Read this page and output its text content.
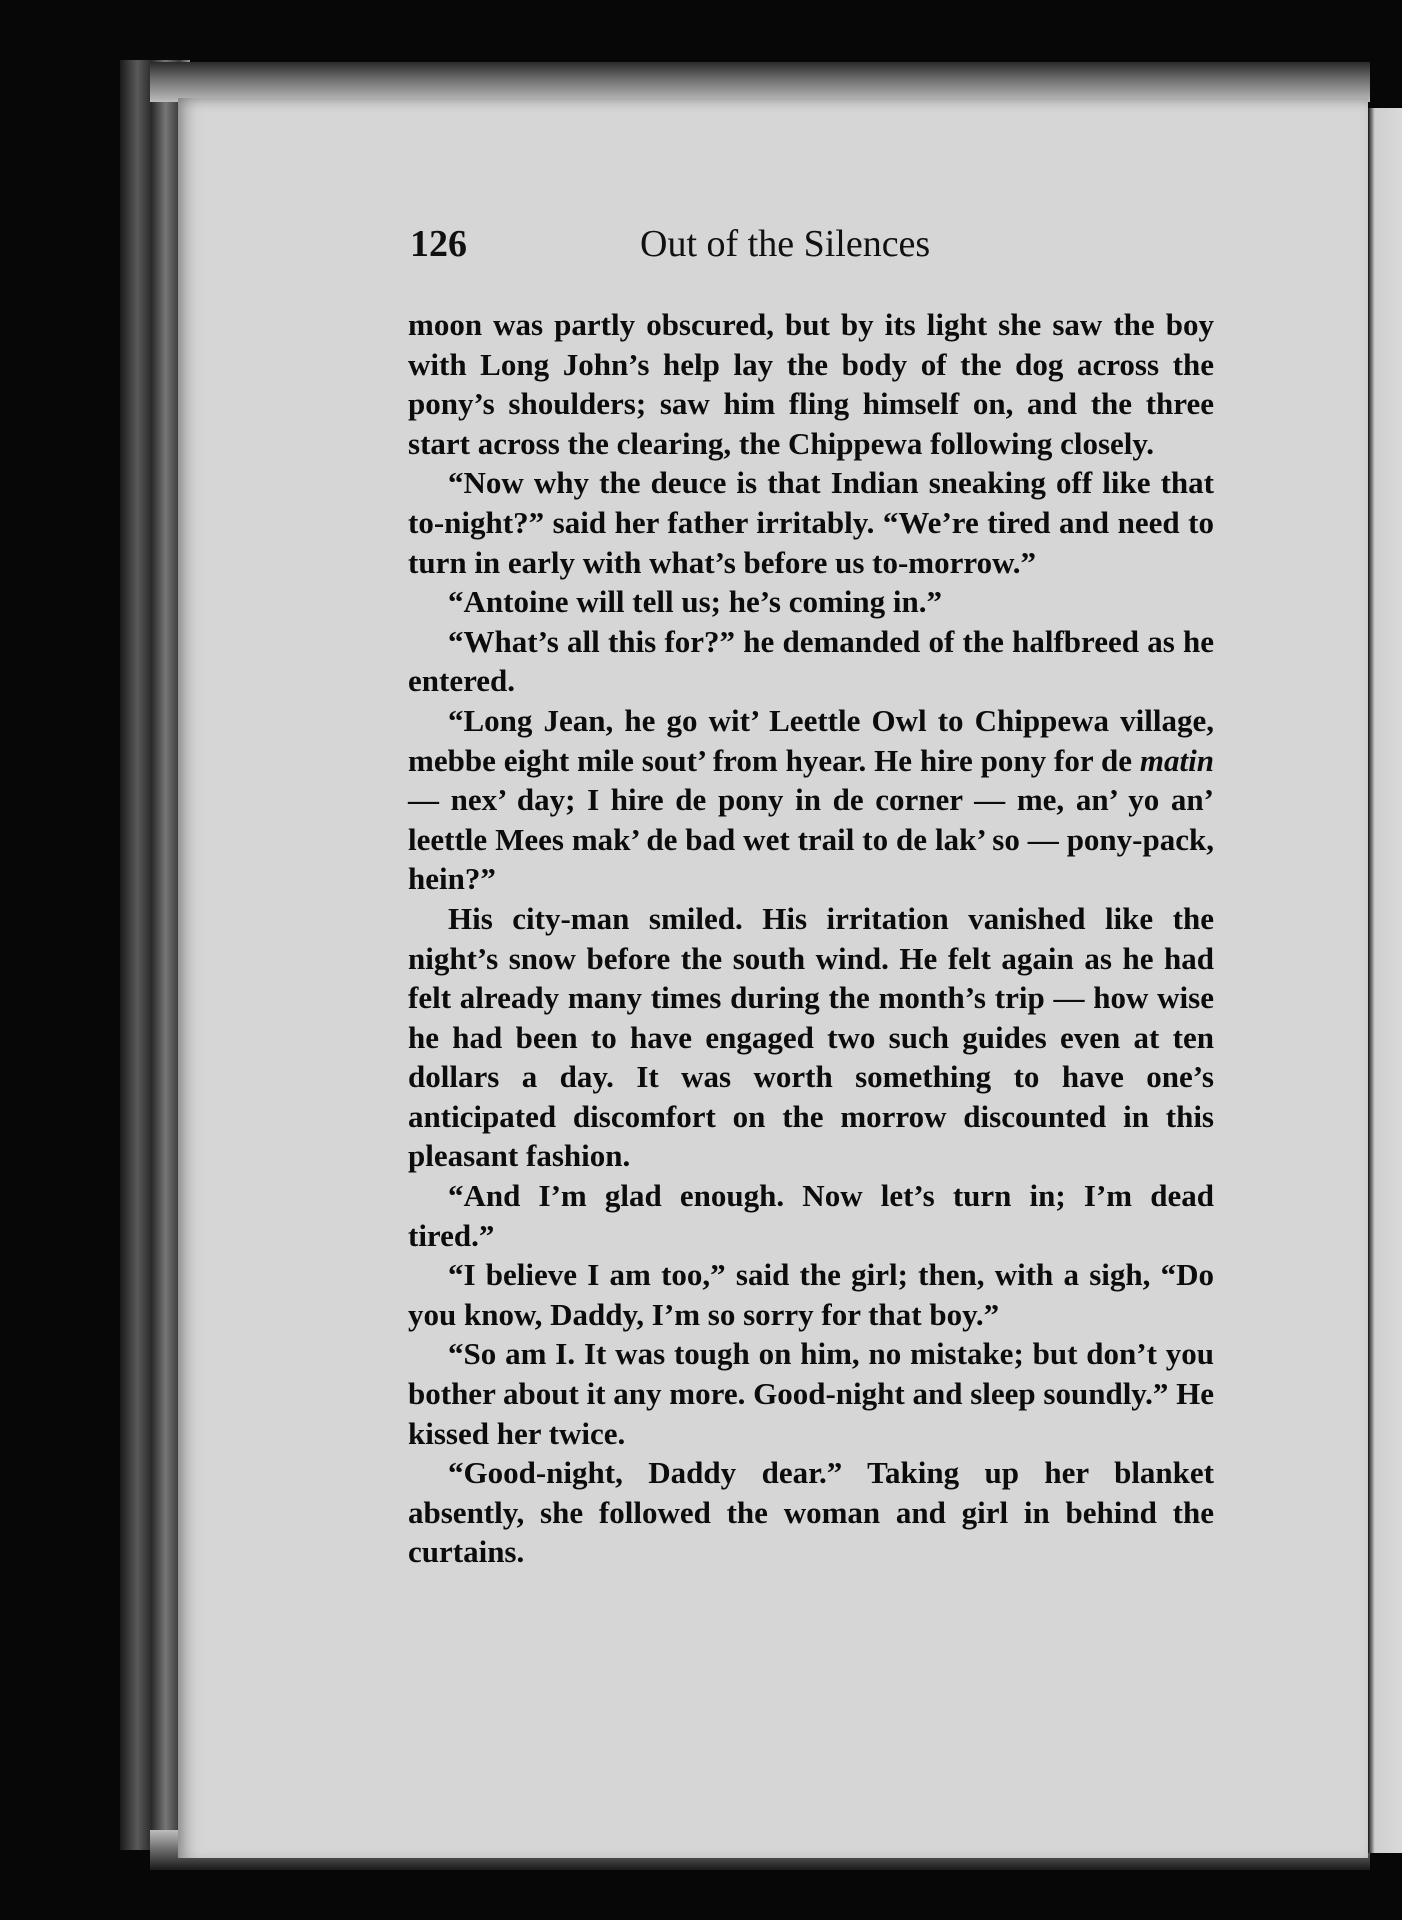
126	Out of the Silences

moon was partly obscured, but by its light she saw the boy with Long John’s help lay the body of the dog across the pony’s shoulders; saw him fling himself on, and the three start across the clearing, the Chippewa following closely.

“Now why the deuce is that Indian sneaking off like that to-night?” said her father irritably. “We’re tired and need to turn in early with what’s before us to-morrow.”

“Antoine will tell us; he’s coming in.”

“What’s all this for?” he demanded of the halfbreed as he entered.

“Long Jean, he go wit’ Leettle Owl to Chippewa village, mebbe eight mile sout’ from hyear. He hire pony for de matin — nex’ day; I hire de pony in de corner — me, an’ yo an’ leettle Mees mak’ de bad wet trail to de lak’ so — pony-pack, hein?”

His city-man smiled. His irritation vanished like the night’s snow before the south wind. He felt again as he had felt already many times during the month’s trip — how wise he had been to have engaged two such guides even at ten dollars a day. It was worth something to have one’s anticipated discomfort on the morrow discounted in this pleasant fashion.

“And I’m glad enough. Now let’s turn in; I’m dead tired.”

“I believe I am too,” said the girl; then, with a sigh, “Do you know, Daddy, I’m so sorry for that boy.”

“So am I. It was tough on him, no mistake; but don’t you bother about it any more. Good-night and sleep soundly.” He kissed her twice.

“Good-night, Daddy dear.” Taking up her blanket absently, she followed the woman and girl in behind the curtains.
